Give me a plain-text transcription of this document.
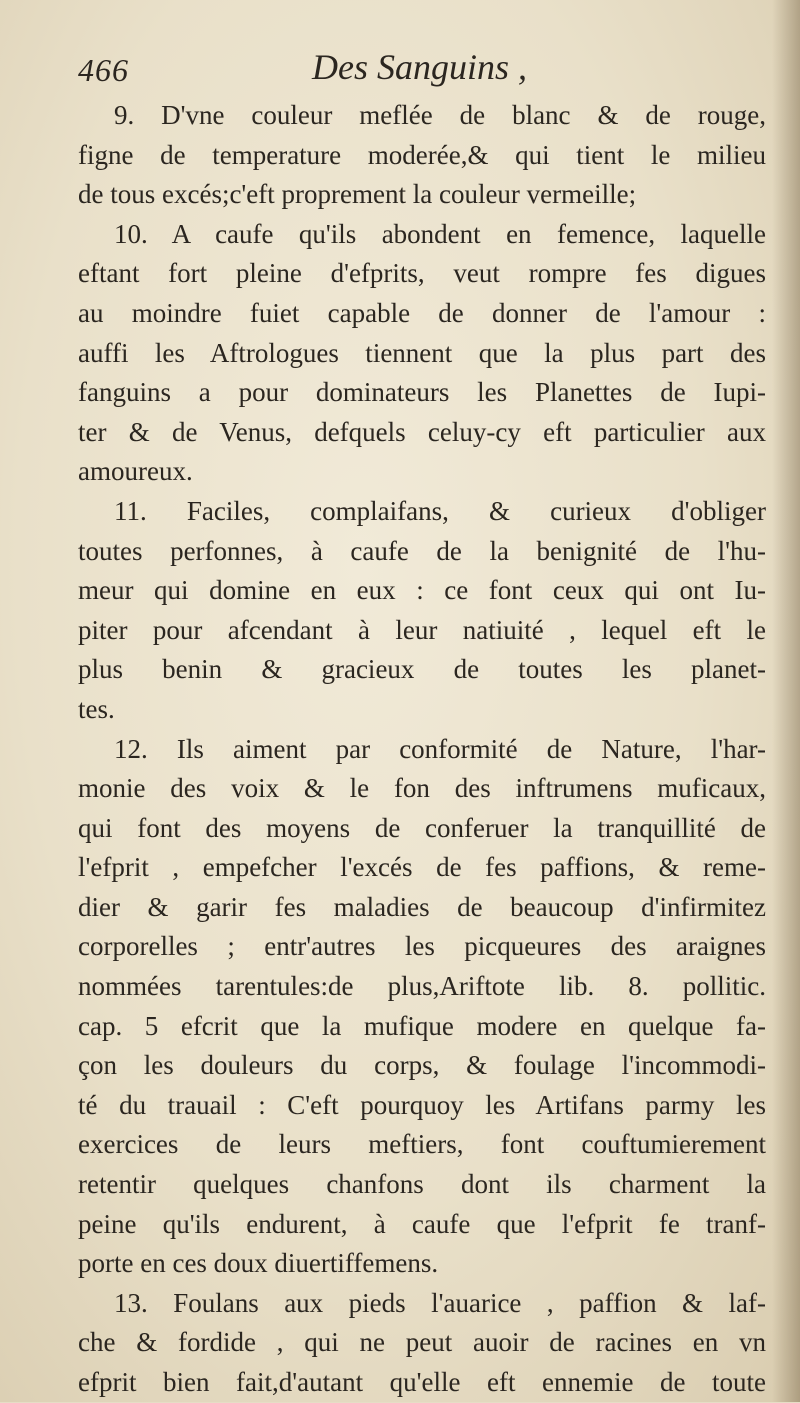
466	Des Sanguins ,
9. D'vne couleur meflée de blanc & de rouge,
figne de temperature moderée,& qui tient le milieu
de tous excés;c'eft proprement la couleur vermeille;
10. A caufe qu'ils abondent en femence, laquelle
eftant fort pleine d'efprits, veut rompre fes digues
au moindre fuiet capable de donner de l'amour :
auffi les Aftrologues tiennent que la plus part des
fanguins a pour dominateurs les Planettes de Iupi-
ter & de Venus, defquels celuy-cy eft particulier aux
amoureux.
11. Faciles, complaifans, & curieux d'obliger
toutes perfonnes, à caufe de la benignité de l'hu-
meur qui domine en eux : ce font ceux qui ont Iu-
piter pour afcendant à leur natiuité , lequel eft le
plus benin & gracieux de toutes les planet-
tes.
12. Ils aiment par conformité de Nature, l'har-
monie des voix & le fon des inftrumens muficaux,
qui font des moyens de conferuer la tranquillité de
l'efprit , empefcher l'excés de fes paffions, & reme-
dier & garir fes maladies de beaucoup d'infirmitez
corporelles ; entr'autres les picqueures des araignes
nommées tarentules:de plus,Ariftote lib. 8. pollitic.
cap. 5 efcrit que la mufique modere en quelque fa-
çon les douleurs du corps, & foulage l'incommodi-
té du trauail : C'eft pourquoy les Artifans parmy les
exercices de leurs meftiers, font couftumierement
retentir quelques chanfons dont ils charment la
peine qu'ils endurent, à caufe que l'efprit fe tranf-
porte en ces doux diuertiffemens.
13. Foulans aux pieds l'auarice , paffion & laf-
che & fordide , qui ne peut auoir de racines en vn
efprit bien fait,d'autant qu'elle eft ennemie de toute
